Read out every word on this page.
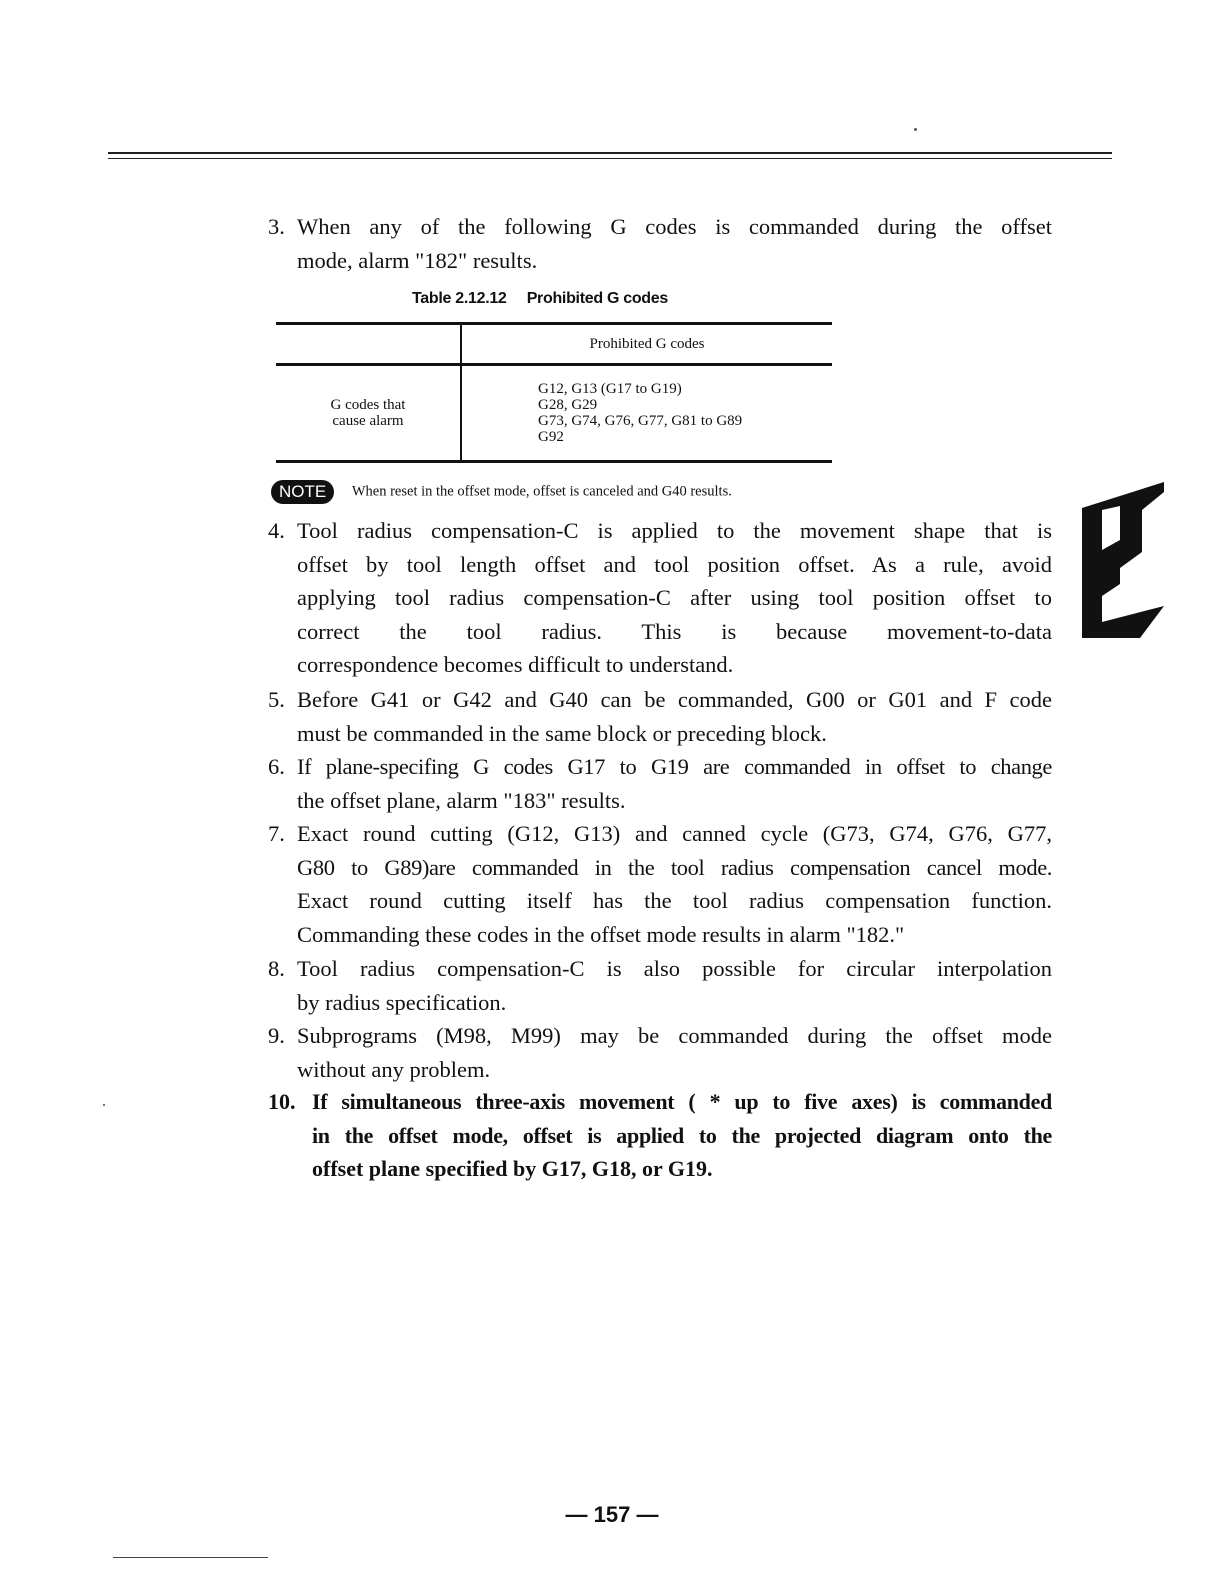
3. When any of the following G codes is commanded during the offset
mode, alarm "182" results.
Table 2.12.12 Prohibited G codes
	Prohibited G codes
G codes that
cause alarm	G12, G13 (G17 to G19)
G28, G29
G73, G74, G76, G77, G81 to G89
G92
NOTE When reset in the offset mode, offset is canceled and G40 results.
4. Tool radius compensation-C is applied to the movement shape that is
offset by tool length offset and tool position offset. As a rule, avoid
applying tool radius compensation-C after using tool position offset to
correct the tool radius. This is because movement-to-data
correspondence becomes difficult to understand.
5. Before G41 or G42 and G40 can be commanded, G00 or G01 and F code
must be commanded in the same block or preceding block.
6. If plane-specifing G codes G17 to G19 are commanded in offset to change
the offset plane, alarm "183" results.
7. Exact round cutting (G12, G13) and canned cycle (G73, G74, G76, G77,
G80 to G89)are commanded in the tool radius compensation cancel mode.
Exact round cutting itself has the tool radius compensation function.
Commanding these codes in the offset mode results in alarm "182."
8. Tool radius compensation-C is also possible for circular interpolation
by radius specification.
9. Subprograms (M98, M99) may be commanded during the offset mode
without any problem.
10. If simultaneous three-axis movement ( * up to five axes) is commanded
in the offset mode, offset is applied to the projected diagram onto the
offset plane specified by G17, G18, or G19.
— 157 —
